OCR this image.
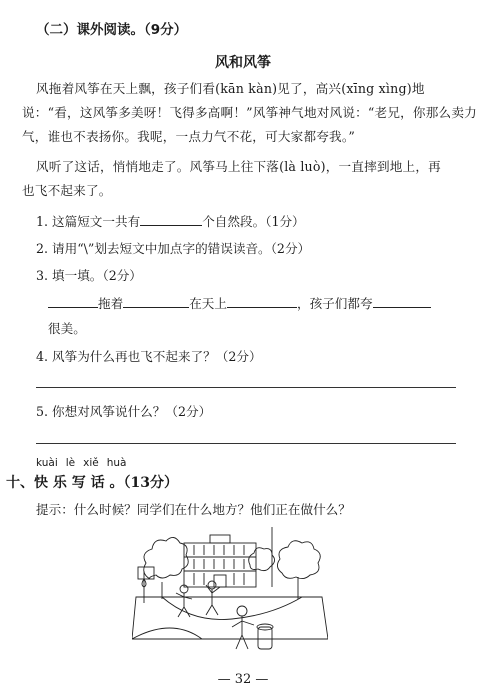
（二）课外阅读。（9分）
风和风筝
风拖着风筝在天上飘，孩子们看(kān kàn)见了，高兴(xīng xìng)地
说：“看，这风筝多美呀！飞得多高啊！”风筝神气地对风说：“老兄，你那么卖力
气，谁也不表扬你。我呢，一点力气不花，可大家都夸我。”
风听了这话，悄悄地走了。风筝马上往下落(là luò)，一直摔到地上，再
也飞不起来了。
1. 这篇短文一共有	个自然段。（1分）
2. 请用“\”划去短文中加点字的错误读音。（2分）
3. 填一填。（2分）
拖着	在天上	，孩子们都夸
很美。
4. 风筝为什么再也飞不起来了？（2分）
5. 你想对风筝说什么？（2分）
kuài lè xiě huà
十、快 乐 写 话 。（13分）
提示：什么时候？同学们在什么地方？他们正在做什么？
— 32 —
